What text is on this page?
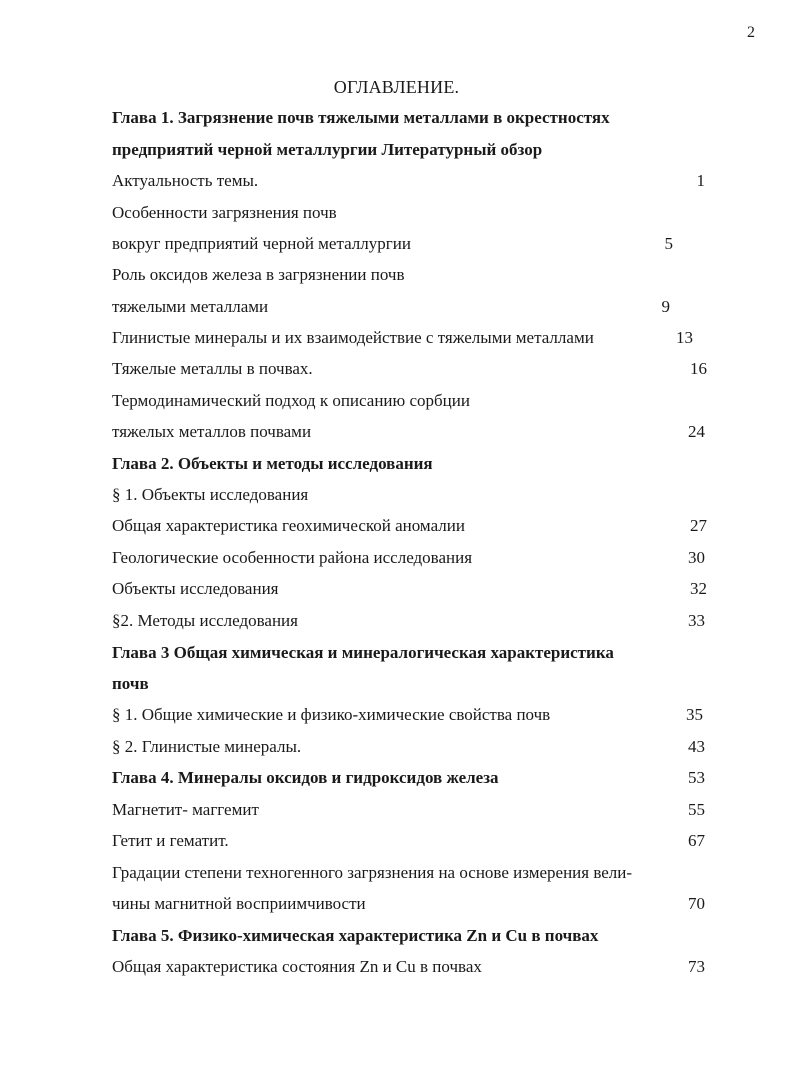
2
ОГЛАВЛЕНИЕ.
Глава 1. Загрязнение почв тяжелыми металлами в окрестностях
предприятий черной металлургии Литературный обзор
Актуальность темы.	1
Особенности загрязнения почв
вокруг предприятий черной металлургии	5
Роль оксидов железа в загрязнении почв
тяжелыми металлами	9
Глинистые минералы и их взаимодействие с тяжелыми металлами	13
Тяжелые металлы в почвах.	16
Термодинамический подход к описанию сорбции
тяжелых металлов почвами	24
Глава 2. Объекты и методы исследования
§ 1. Объекты исследования
Общая характеристика геохимической аномалии	27
Геологические особенности района исследования	30
Объекты исследования	32
§2. Методы исследования	33
Глава 3 Общая химическая и минералогическая характеристика
почв
§ 1. Общие химические и физико-химические свойства почв	35
§ 2. Глинистые минералы.	43
Глава 4. Минералы оксидов и гидроксидов железа	53
Магнетит- маггемит	55
Гетит и гематит.	67
Градации степени техногенного загрязнения на основе измерения вели-
чины магнитной восприимчивости	70
Глава 5. Физико-химическая характеристика Zn и Cu в почвах
Общая характеристика состояния Zn и Cu в почвах	73
